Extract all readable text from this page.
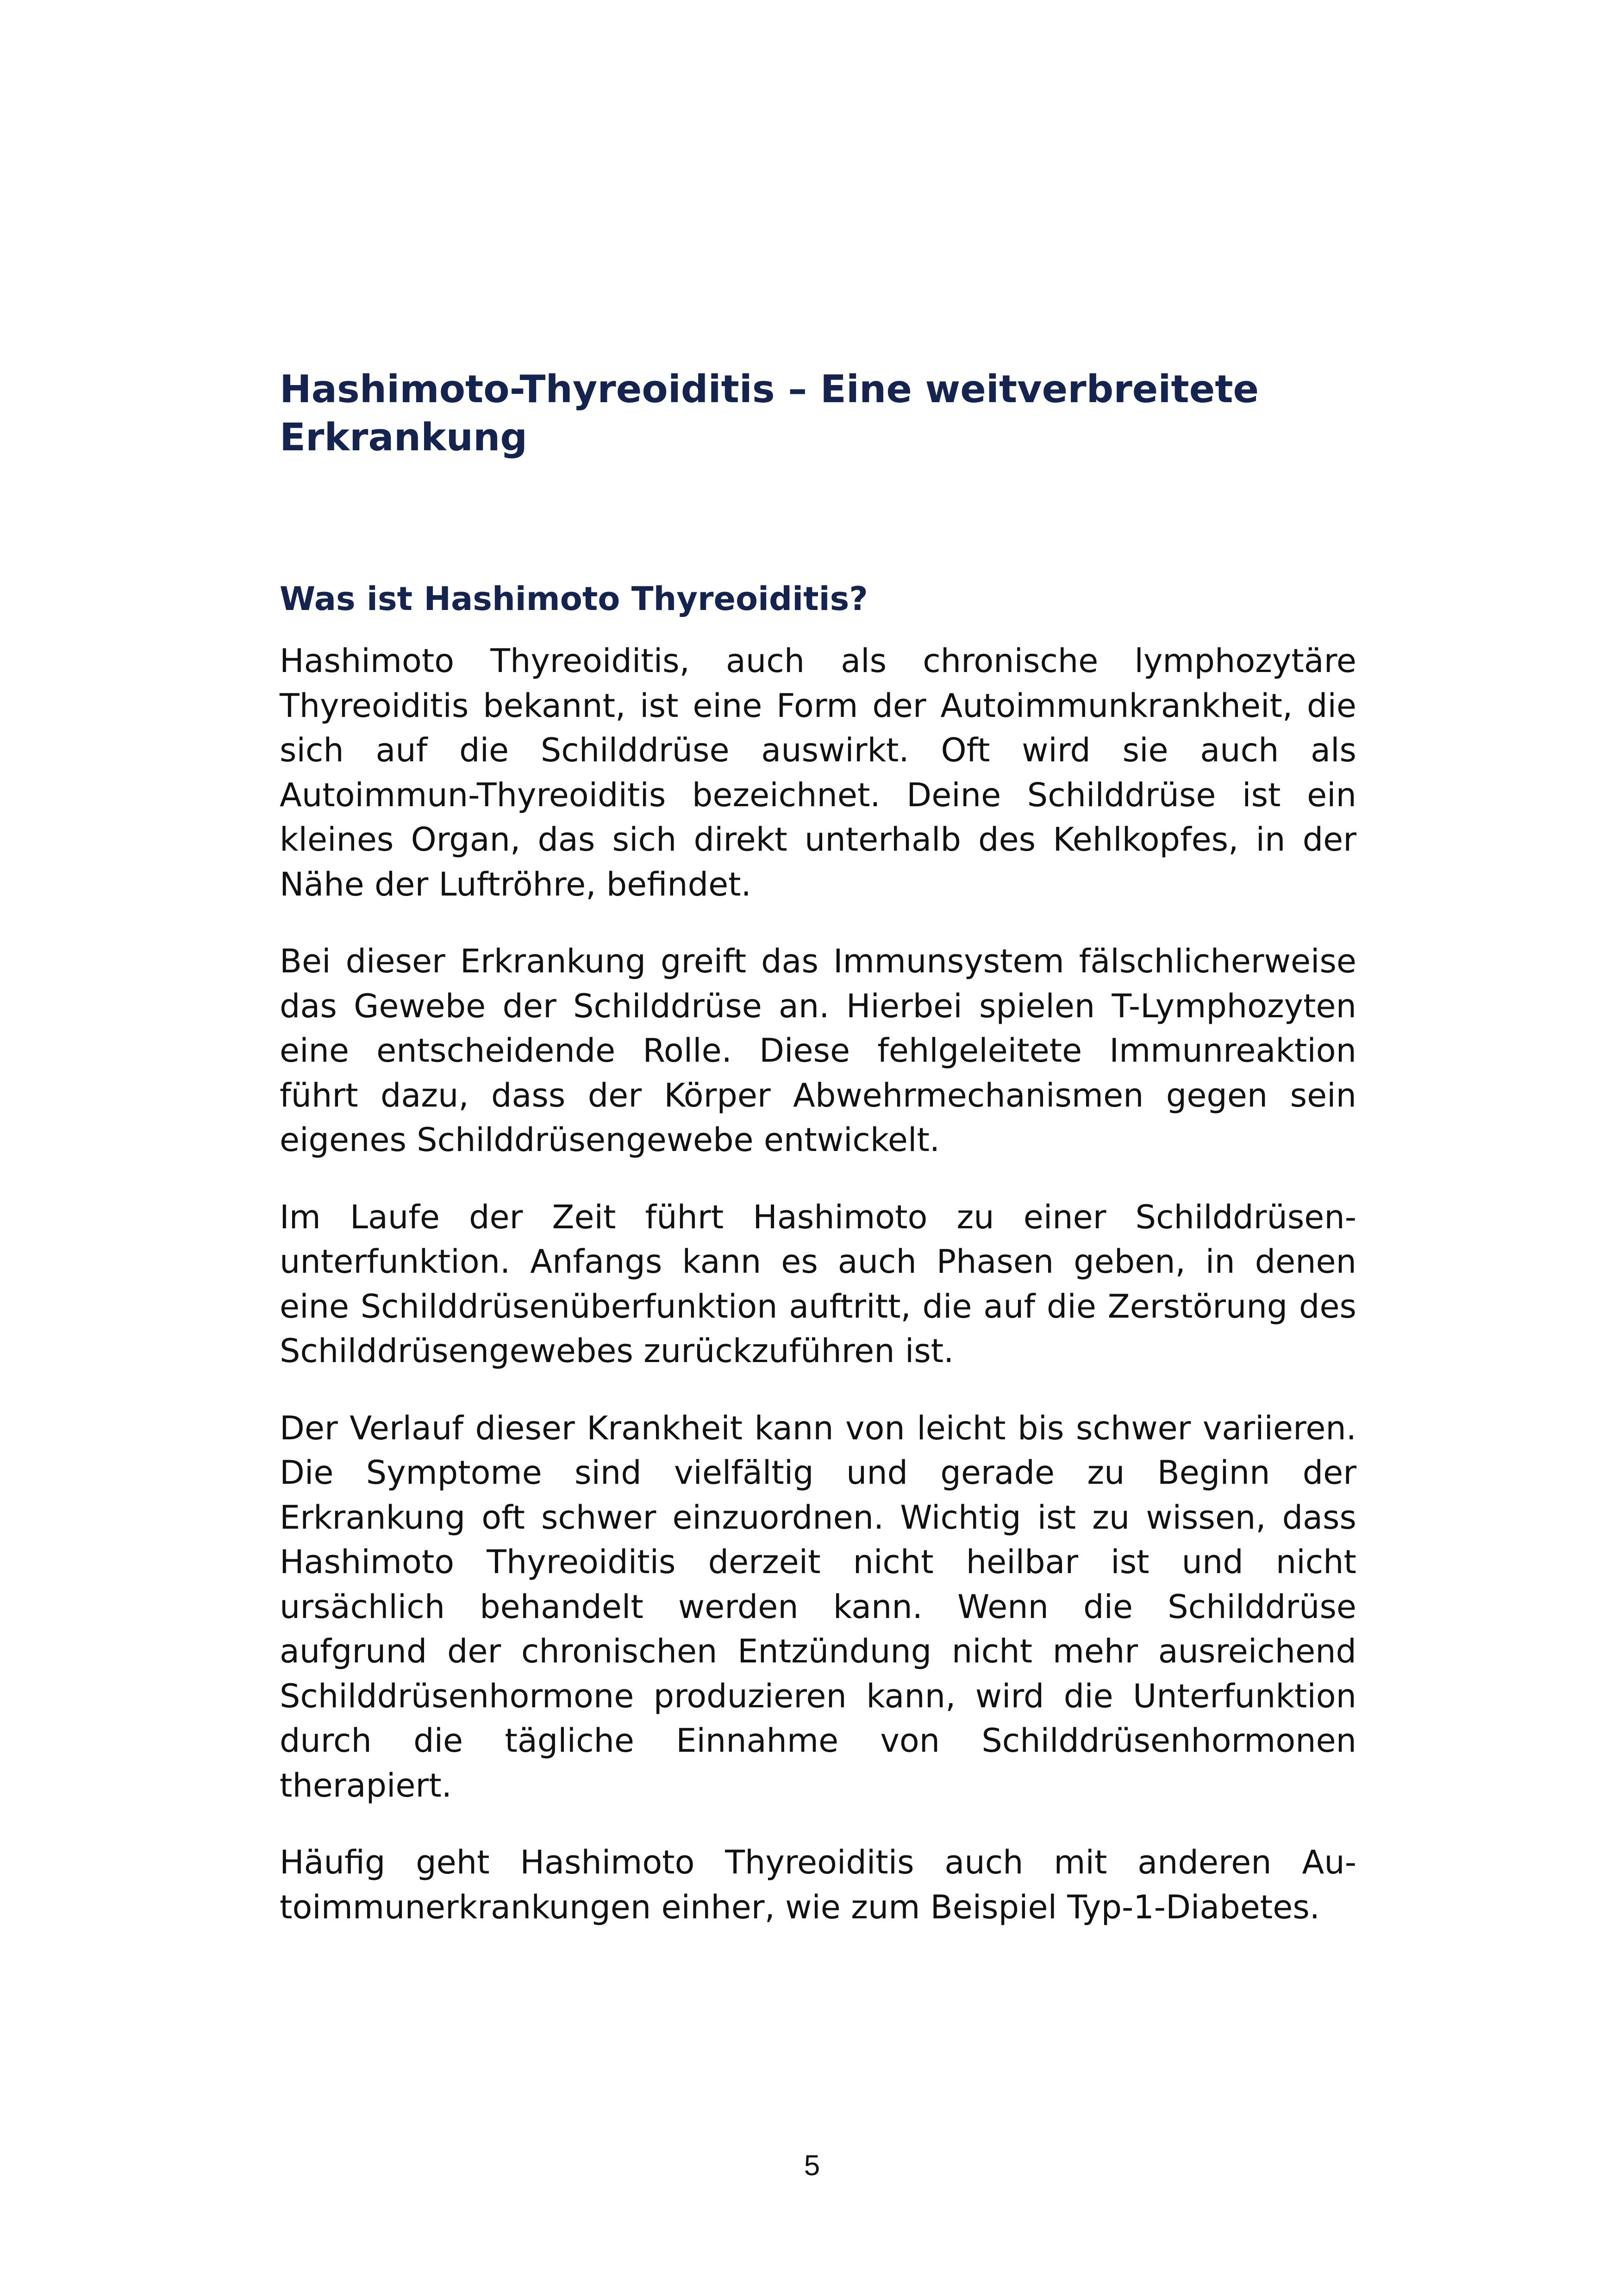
Hashimoto-Thyreoiditis – Eine weitverbreitete Erkrankung
Was ist Hashimoto Thyreoiditis?

Hashimoto Thyreoiditis, auch als chronische lymphozytäre Thyreoiditis bekannt, ist eine Form der Autoimmunkrankheit, die sich auf die Schilddrüse auswirkt. Oft wird sie auch als Autoimmun-Thyreoiditis bezeichnet. Deine Schilddrüse ist ein kleines Organ, das sich direkt unterhalb des Kehlkopfes, in der Nähe der Luftröhre, befindet.

Bei dieser Erkrankung greift das Immunsystem fälschlicherweise das Gewebe der Schilddrüse an. Hierbei spielen T-Lymphozyten eine entscheidende Rolle. Diese fehlgeleitete Immunreaktion führt dazu, dass der Körper Abwehrmechanismen gegen sein eigenes Schilddrüsengewebe entwickelt.

Im Laufe der Zeit führt Hashimoto zu einer Schilddrüsenunterfunktion. Anfangs kann es auch Phasen geben, in denen eine Schilddrüsenüberfunktion auftritt, die auf die Zerstörung des Schilddrüsengewebes zurückzuführen ist.

Der Verlauf dieser Krankheit kann von leicht bis schwer variieren. Die Symptome sind vielfältig und gerade zu Beginn der Erkrankung oft schwer einzuordnen. Wichtig ist zu wissen, dass Hashimoto Thyreoiditis derzeit nicht heilbar ist und nicht ursächlich behandelt werden kann. Wenn die Schilddrüse aufgrund der chronischen Entzündung nicht mehr ausreichend Schilddrüsenhormone produzieren kann, wird die Unterfunktion durch die tägliche Einnahme von Schilddrüsenhormonen therapiert.

Häufig geht Hashimoto Thyreoiditis auch mit anderen Autoimmunerkrankungen einher, wie zum Beispiel Typ-1-Diabetes.

5
